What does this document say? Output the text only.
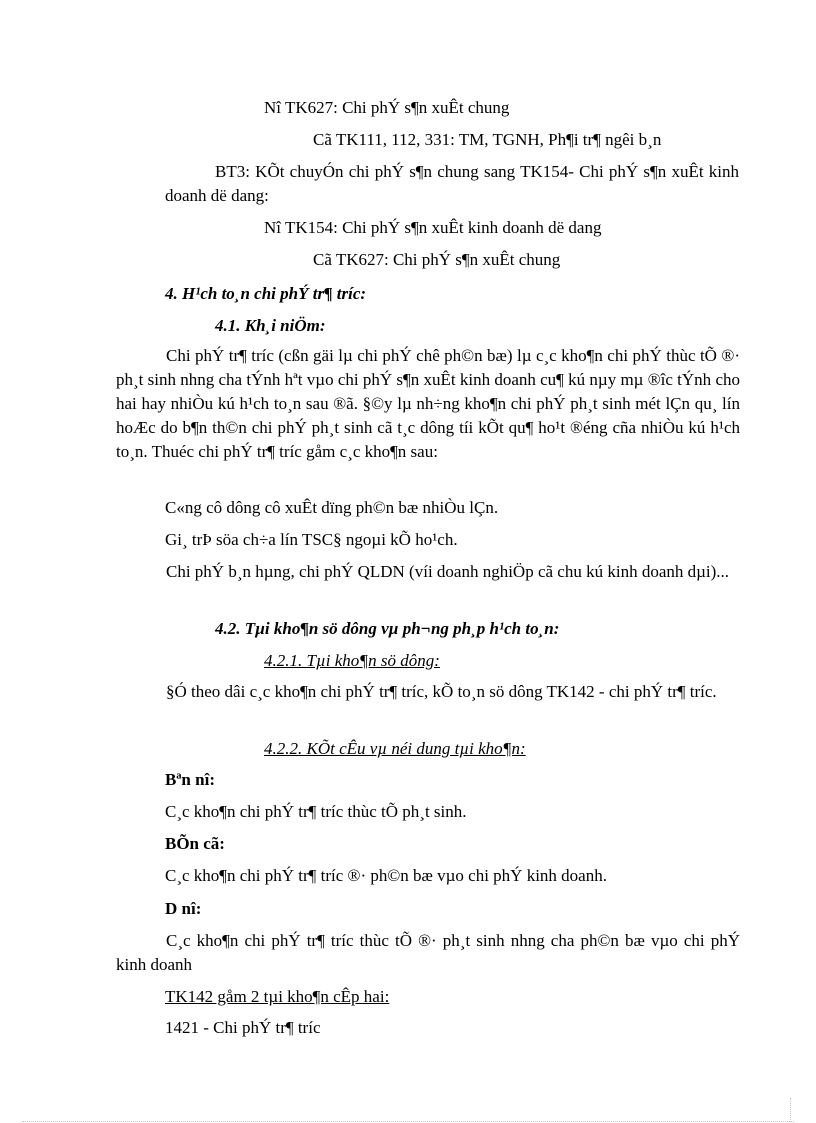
Nî TK627: Chi phÝ s¶n xuÊt chung

Cã TK111, 112, 331: TM, TGNH, Ph¶i tr¶ ngêi b¸n

BT3: KÕt chuyÓn chi phÝ s¶n chung sang TK154- Chi phÝ s¶n xuÊt kinh doanh dë dang:

Nî TK154: Chi phÝ s¶n xuÊt kinh doanh dë dang

Cã TK627: Chi phÝ s¶n xuÊt chung

4. H¹ch to¸n chi phÝ tr¶ tríc:

4.1. Kh¸i niÖm:

Chi phÝ tr¶ tríc (cßn gäi lµ chi phÝ chê ph©n bæ) lµ c¸c kho¶n chi phÝ thùc tÕ ®· ph¸t sinh nhng cha tÝnh hªt vµo chi phÝ s¶n xuÊt kinh doanh cu¶ kú nµy mµ ®îc tÝnh cho hai hay nhiÒu kú h¹ch to¸n sau ®ã. §©y lµ nh÷ng kho¶n chi phÝ ph¸t sinh mét lÇn qu¸ lín hoÆc do b¶n th©n chi phÝ ph¸t sinh cã t¸c dông tíi kÕt qu¶ ho¹t ®éng cña nhiÒu kú h¹ch to¸n. Thuéc chi phÝ tr¶ tríc gåm c¸c kho¶n sau:

C«ng cô dông cô xuÊt dïng ph©n bæ nhiÒu lÇn.

Gi¸ trÞ söa ch÷a lín TSC§ ngoµi kÕ ho¹ch.

Chi phÝ b¸n hµng, chi phÝ QLDN (víi doanh nghiÖp cã chu kú kinh doanh dµi)...

4.2. Tµi kho¶n sö dông vµ ph¬ng ph¸p h¹ch to¸n:

4.2.1. Tµi kho¶n sö dông:

§Ó theo dâi c¸c kho¶n chi phÝ tr¶ tríc, kÕ to¸n sö dông TK142 - chi phÝ tr¶ tríc.

4.2.2. KÕt cÊu vµ néi dung tµi kho¶n:

Bªn nî:

C¸c kho¶n chi phÝ tr¶ tríc thùc tÕ ph¸t sinh.

BÕn cã:

C¸c kho¶n chi phÝ tr¶ tríc ®· ph©n bæ vµo chi phÝ kinh doanh.

D nî:

C¸c kho¶n chi phÝ tr¶ tríc thùc tÕ ®· ph¸t sinh nhng cha ph©n bæ vµo chi phÝ kinh doanh

TK142 gåm 2 tµi kho¶n cÊp hai:

1421 - Chi phÝ tr¶ tríc
